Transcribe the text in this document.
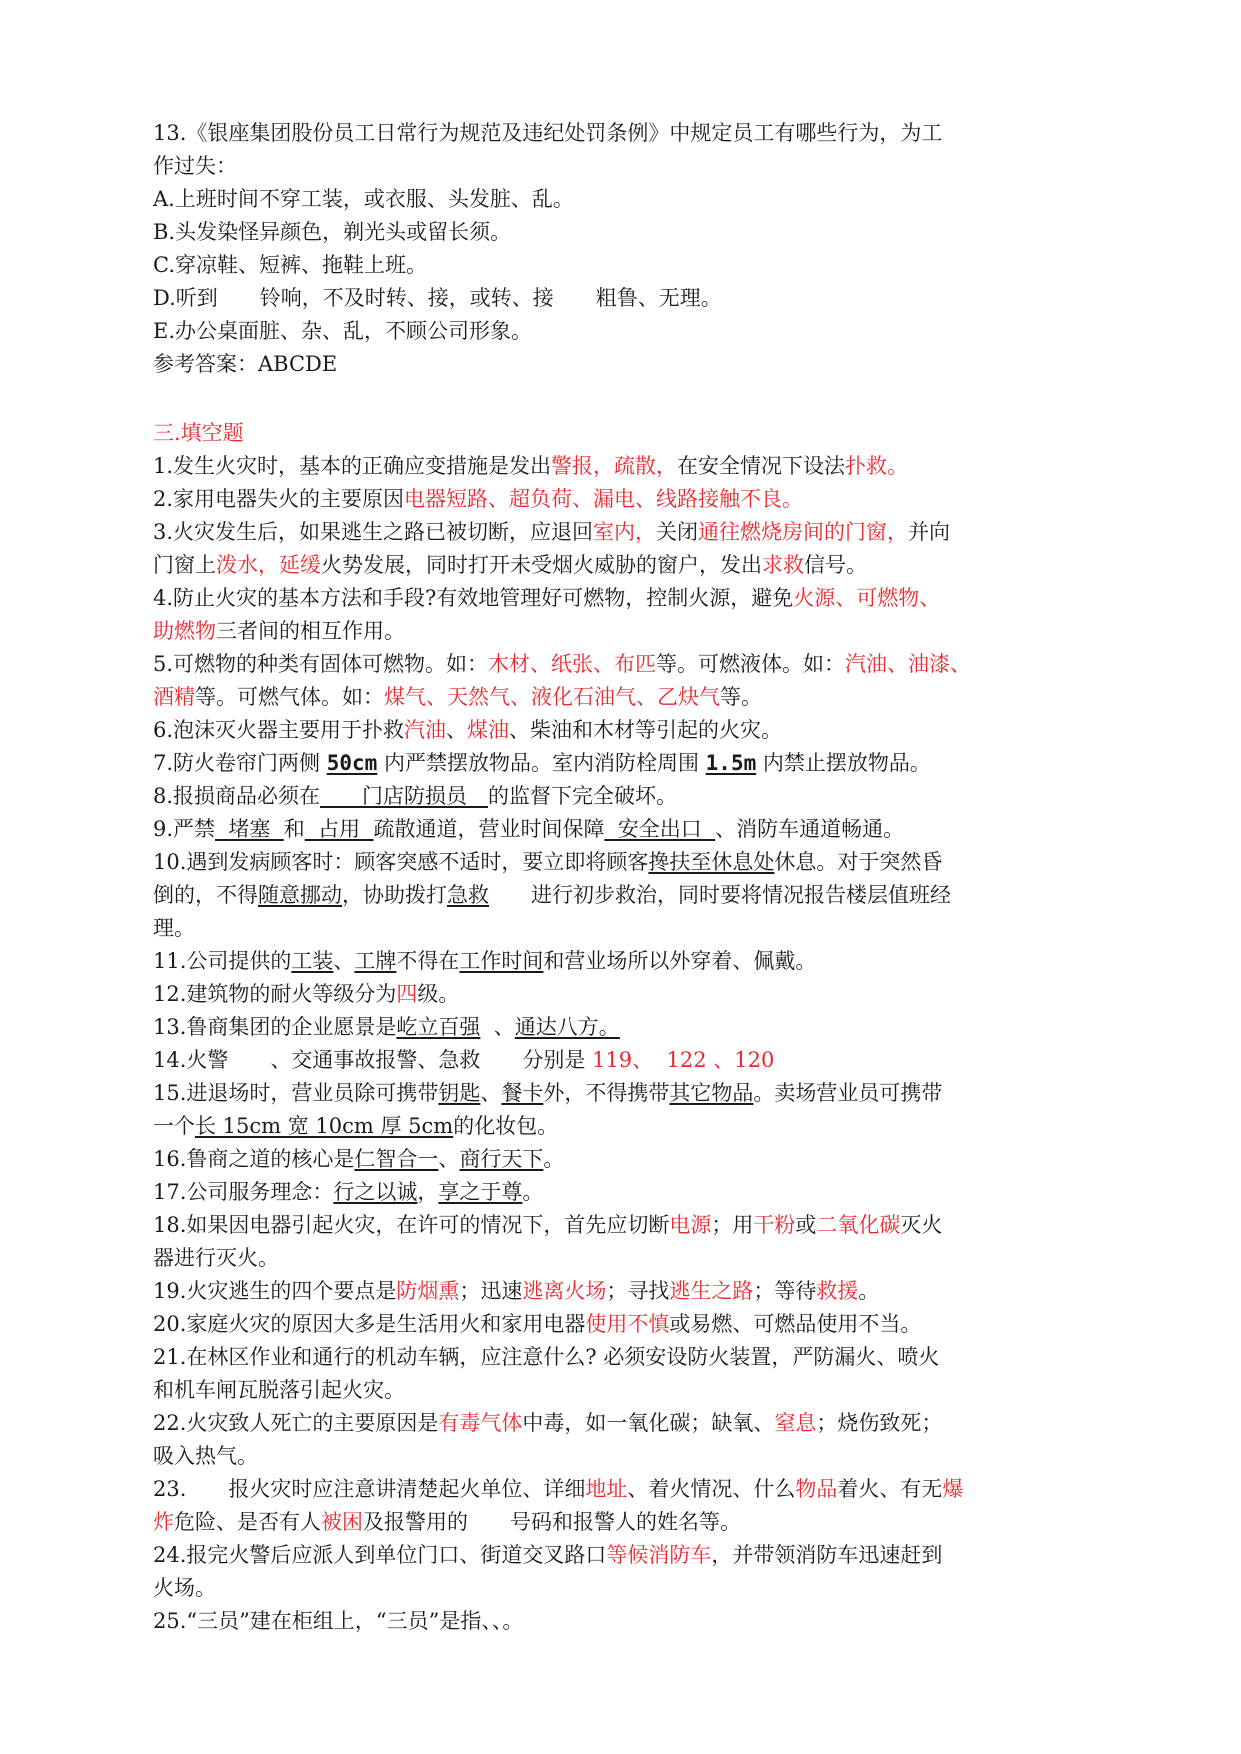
13.《银座集团股份员工日常行为规范及违纪处罚条例》中规定员工有哪些行为，为工
作过失：
A.上班时间不穿工装，或衣服、头发脏、乱。
B.头发染怪异颜色，剃光头或留长须。
C.穿凉鞋、短裤、拖鞋上班。
D.听到　　铃响，不及时转、接，或转、接　　粗鲁、无理。
E.办公桌面脏、杂、乱，不顾公司形象。
参考答案：ABCDE
三.填空题
1.发生火灾时，基本的正确应变措施是发出警报，疏散，在安全情况下设法扑救。
2.家用电器失火的主要原因电器短路、超负荷、漏电、线路接触不良。
3.火灾发生后，如果逃生之路已被切断，应退回室内，关闭通往燃烧房间的门窗，并向
门窗上泼水，延缓火势发展，同时打开未受烟火威胁的窗户，发出求救信号。
4.防止火灾的基本方法和手段?有效地管理好可燃物，控制火源，避免火源、可燃物、
助燃物三者间的相互作用。
5.可燃物的种类有固体可燃物。如：木材、纸张、布匹等。可燃液体。如：汽油、油漆、
酒精等。可燃气体。如：煤气、天然气、液化石油气、乙炔气等。
6.泡沫灭火器主要用于扑救汽油、煤油、柴油和木材等引起的火灾。
7.防火卷帘门两侧 50cm 内严禁摆放物品。室内消防栓周围 1.5m 内禁止摆放物品。
8.报损商品必须在　　门店防损员　的监督下完全破坏。
9.严禁  堵塞  和  占用  疏散通道，营业时间保障  安全出口  、消防车通道畅通。
10.遇到发病顾客时：顾客突感不适时，要立即将顾客搀扶至休息处休息。对于突然昏
倒的，不得随意挪动，协助拨打急救　　进行初步救治，同时要将情况报告楼层值班经
理。
11.公司提供的工装、工牌不得在工作时间和营业场所以外穿着、佩戴。
12.建筑物的耐火等级分为四级。
13.鲁商集团的企业愿景是屹立百强  、通达八方。
14.火警　　、交通事故报警、急救　　分别是 119、  122 、120
15.进退场时，营业员除可携带钥匙、餐卡外，不得携带其它物品。卖场营业员可携带
一个长 15cm 宽 10cm 厚 5cm的化妆包。
16.鲁商之道的核心是仁智合一、商行天下。
17.公司服务理念：行之以诚，享之于尊。
18.如果因电器引起火灾，在许可的情况下，首先应切断电源；用干粉或二氧化碳灭火
器进行灭火。
19.火灾逃生的四个要点是防烟熏；迅速逃离火场；寻找逃生之路；等待救援。
20.家庭火灾的原因大多是生活用火和家用电器使用不慎或易燃、可燃品使用不当。
21.在林区作业和通行的机动车辆，应注意什么? 必须安设防火装置，严防漏火、喷火
和机车闸瓦脱落引起火灾。
22.火灾致人死亡的主要原因是有毒气体中毒，如一氧化碳；缺氧、窒息；烧伤致死；
吸入热气。
23.　　报火灾时应注意讲清楚起火单位、详细地址、着火情况、什么物品着火、有无爆
炸危险、是否有人被困及报警用的　　号码和报警人的姓名等。
24.报完火警后应派人到单位门口、街道交叉路口等候消防车，并带领消防车迅速赶到
火场。
25.“三员”建在柜组上，“三员”是指、、。
